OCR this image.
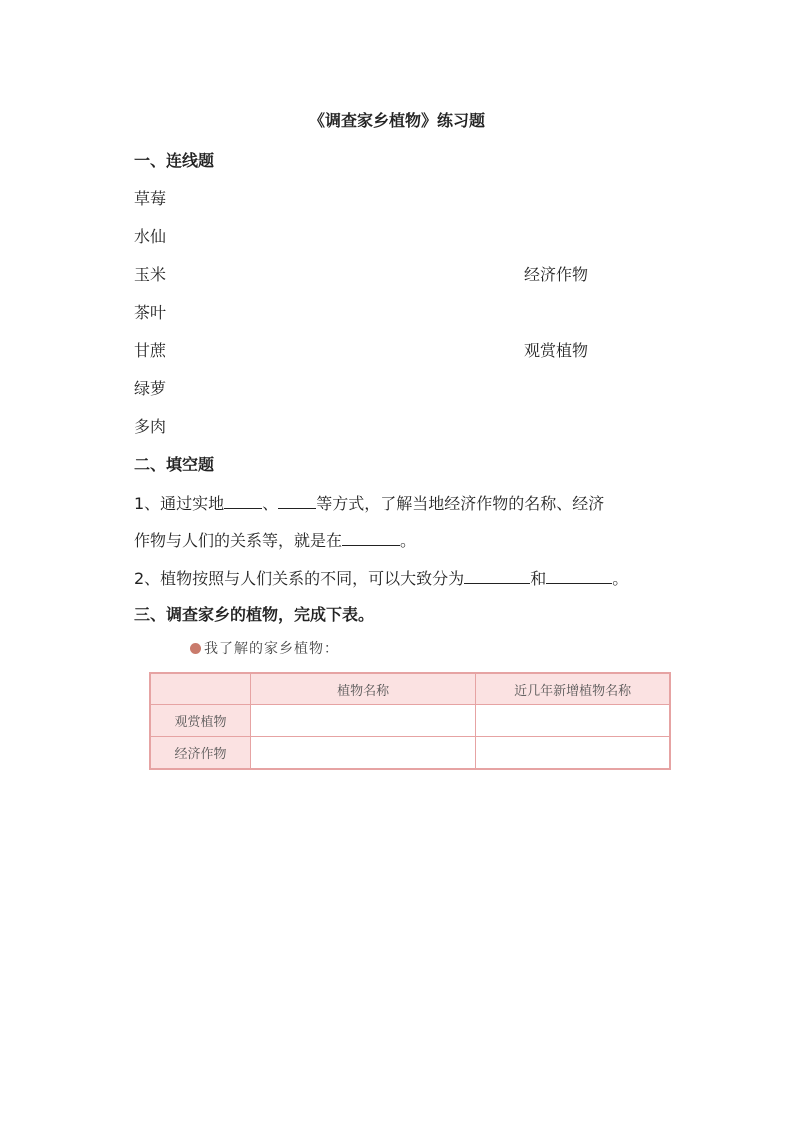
《调查家乡植物》练习题
一、连线题
草莓
水仙
玉米
茶叶
甘蔗
绿萝
多肉
经济作物
观赏植物
二、填空题
1、通过实地 、 等方式，了解当地经济作物的名称、经济
作物与人们的关系等，就是在	。
2、植物按照与人们关系的不同，可以大致分为	和	。
三、调查家乡的植物，完成下表。
我了解的家乡植物：
	植物名称	近几年新增植物名称
观赏植物		
经济作物		
